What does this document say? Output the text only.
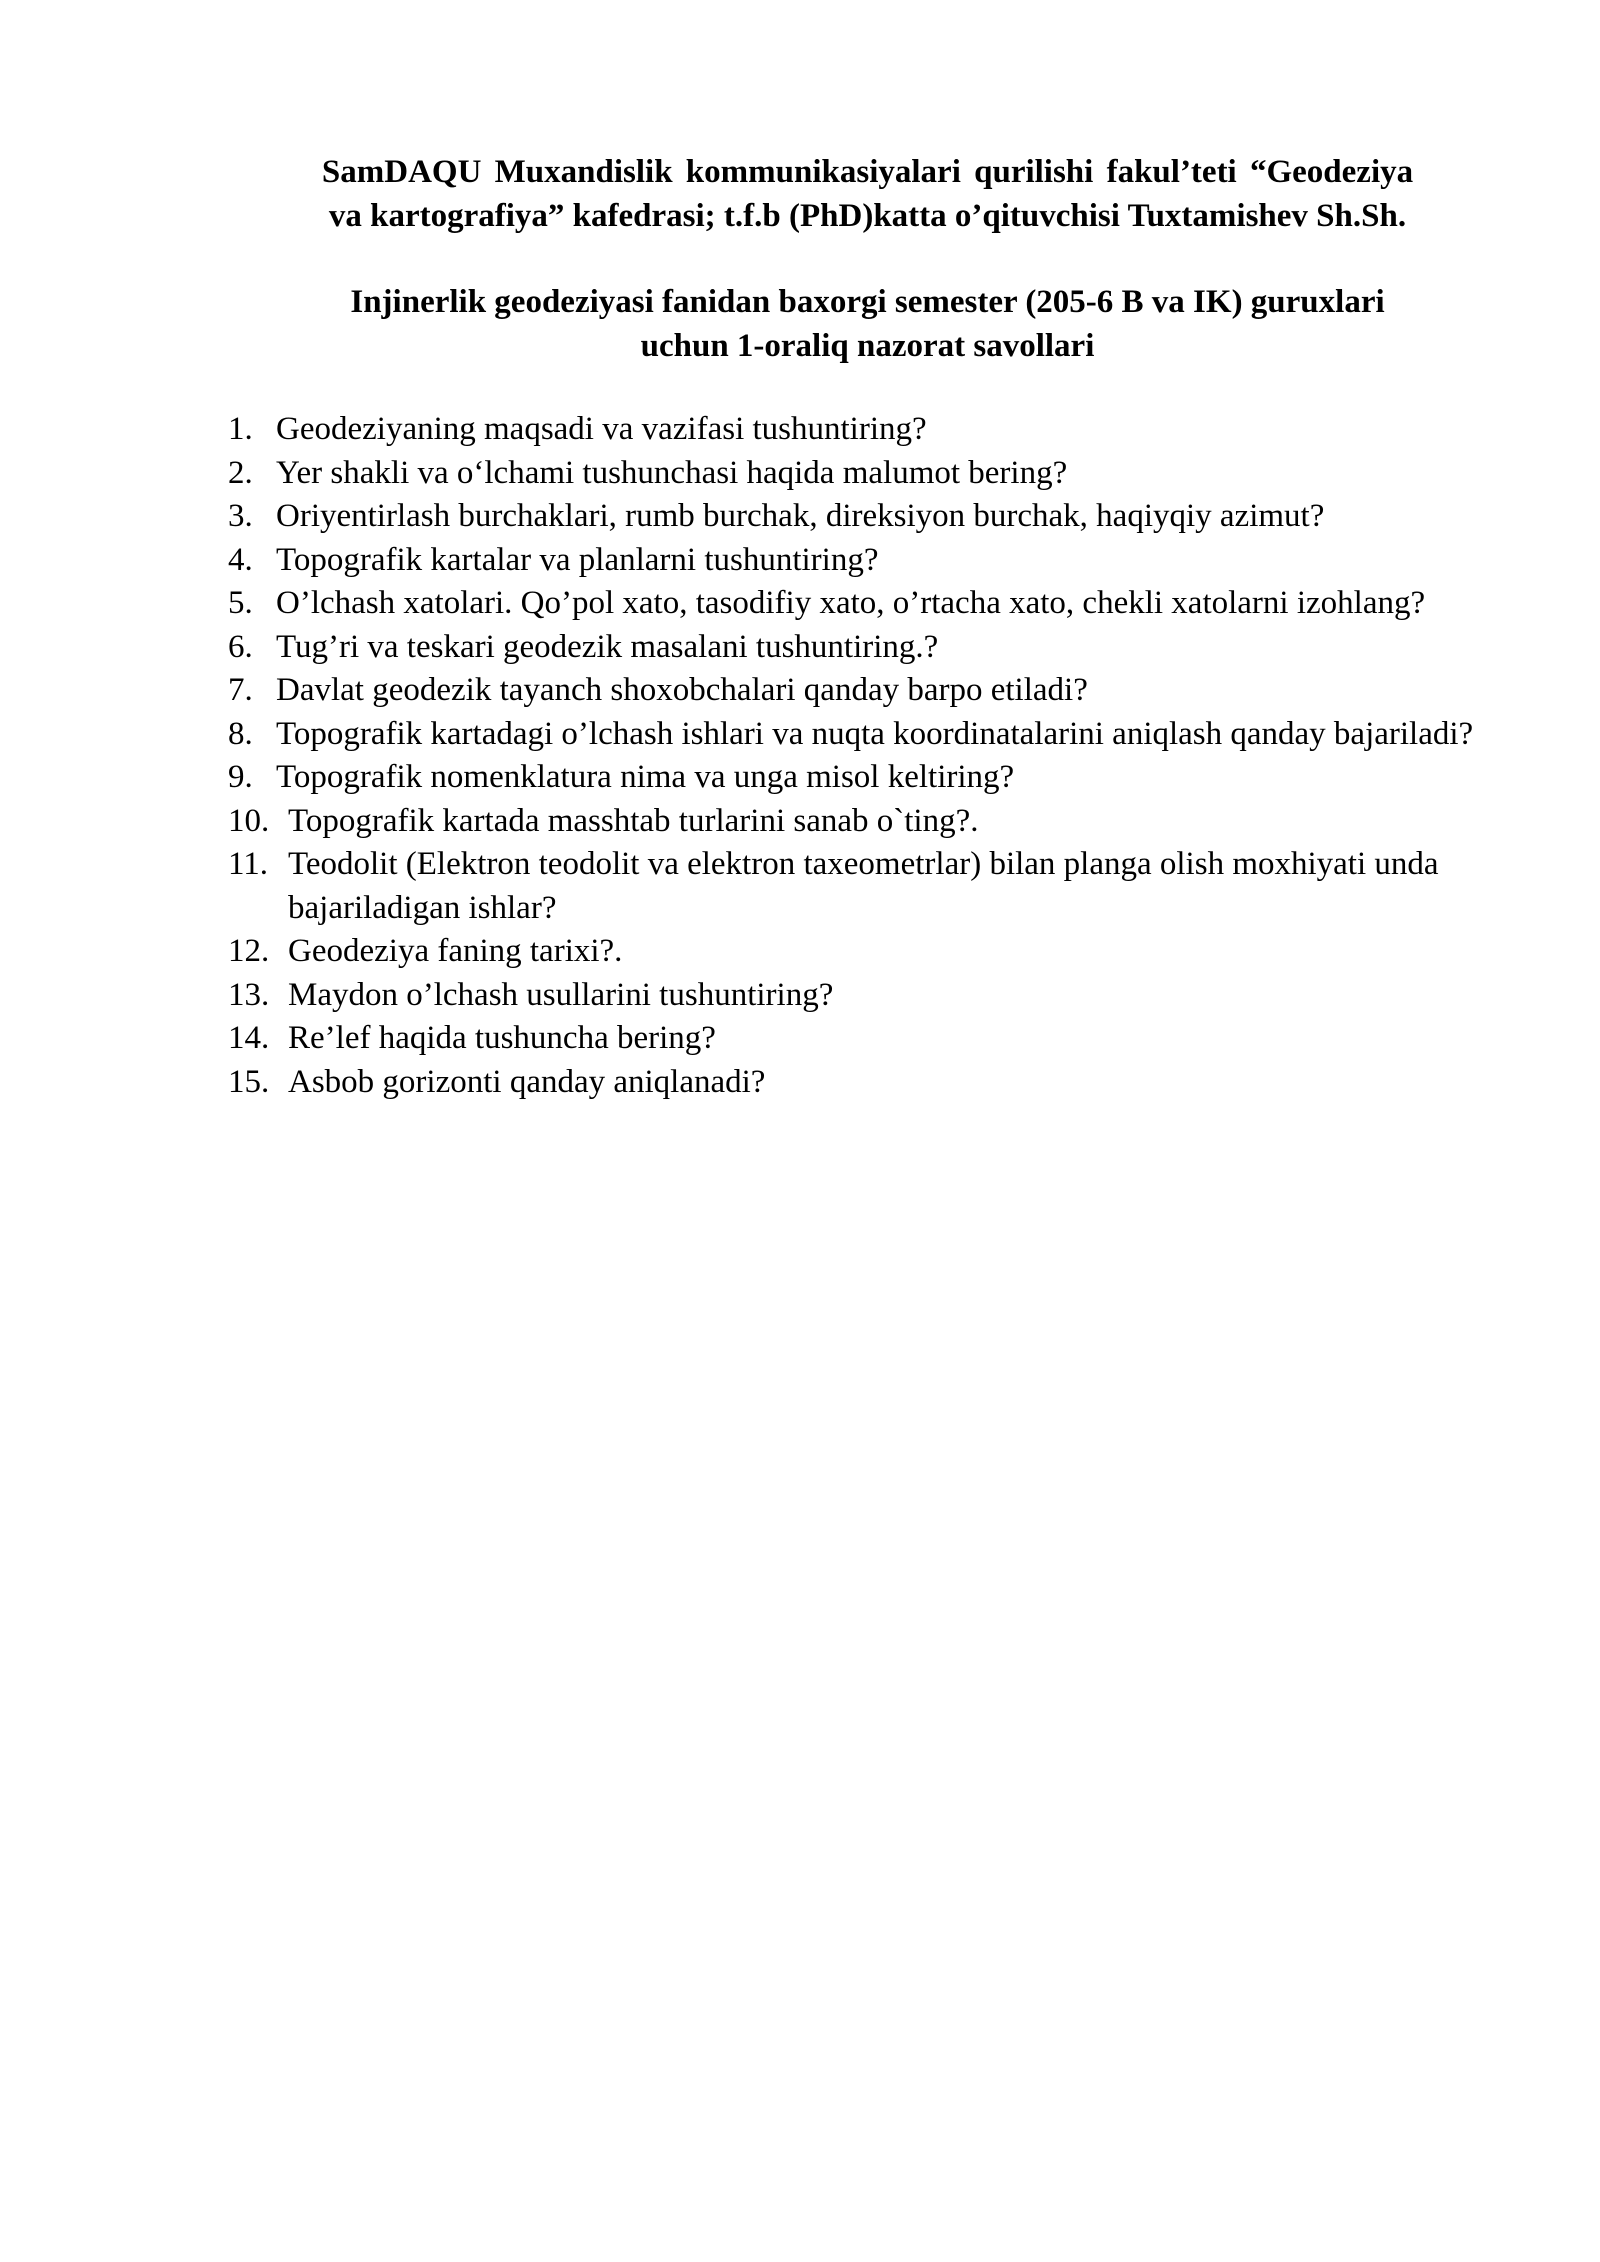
SamDAQU Muxandislik kommunikasiyalari qurilishi fakul’teti “Geodeziya
va kartografiya” kafedrasi; t.f.b (PhD)katta o’qituvchisi Tuxtamishev Sh.Sh.
Injinerlik geodeziyasi fanidan baxorgi semester (205-6 B va IK) guruxlari
uchun 1-oraliq nazorat savollari
1. Geodeziyaning maqsadi va vazifasi tushuntiring?
2. Yer shakli va o‘lchami tushunchasi haqida malumot bering?
3. Oriyentirlash burchaklari, rumb burchak, direksiyon burchak, haqiyqiy azimut?
4. Topografik kartalar va planlarni tushuntiring?
5. O’lchash xatolari. Qo’pol xato, tasodifiy xato, o’rtacha xato, chekli xatolarni izohlang?
6. Tug’ri va teskari geodezik masalani tushuntiring.?
7. Davlat geodezik tayanch shoxobchalari qanday barpo etiladi?
8. Topografik kartadagi o’lchash ishlari va nuqta koordinatalarini aniqlash qanday bajariladi?
9. Topografik nomenklatura nima va unga misol keltiring?
10. Topografik kartada masshtab turlarini sanab o`ting?.
11. Teodolit (Elektron teodolit va elektron taxeometrlar) bilan planga olish moxhiyati unda bajariladigan ishlar?
12. Geodeziya faning tarixi?.
13. Maydon o’lchash usullarini tushuntiring?
14. Re’lef haqida tushuncha bering?
15. Asbob gorizonti qanday aniqlanadi?
